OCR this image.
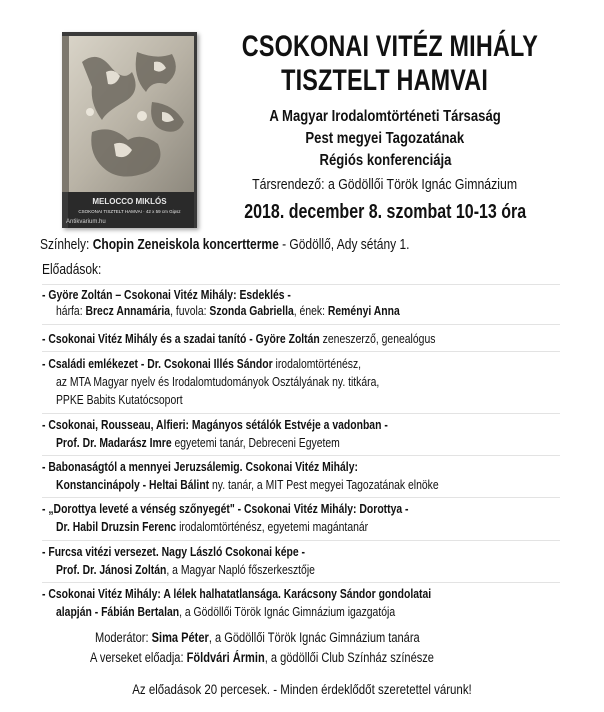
MELOCCO MIKLÓS
CSOKONAI TISZTELT HAMVAI · 42 x 59 cm Gipsz
Antikvarium.hu
CSOKONAI VITÉZ MIHÁLY
TISZTELT HAMVAI
A Magyar Irodalomtörténeti Társaság
Pest megyei Tagozatának
Régiós konferenciája
Társrendező: a Gödöllői Török Ignác Gimnázium
2018. december 8. szombat 10-13 óra
Színhely: Chopin Zeneiskola koncertterme - Gödöllő, Ady sétány 1.
Előadások:
- Györe Zoltán – Csokonai Vitéz Mihály: Esdeklés -
hárfa: Brecz Annamária, fuvola: Szonda Gabriella, ének: Reményi Anna
- Csokonai Vitéz Mihály és a szadai tanító - Györe Zoltán zeneszerző, genealógus
- Családi emlékezet - Dr. Csokonai Illés Sándor irodalomtörténész,
az MTA Magyar nyelv és Irodalomtudományok Osztályának ny. titkára,
PPKE Babits Kutatócsoport
- Csokonai, Rousseau, Alfieri: Magányos sétálók Estvéje a vadonban -
Prof. Dr. Madarász Imre egyetemi tanár, Debreceni Egyetem
- Babonaságtól a mennyei Jeruzsálemig. Csokonai Vitéz Mihály:
Konstancinápoly - Heltai Bálint ny. tanár, a MIT Pest megyei Tagozatának elnöke
- „Dorottya leveté a vénség szőnyegét" - Csokonai Vitéz Mihály: Dorottya -
Dr. Habil Druzsin Ferenc irodalomtörténész, egyetemi magántanár
- Furcsa vitézi versezet. Nagy László Csokonai képe -
Prof. Dr. Jánosi Zoltán, a Magyar Napló főszerkesztője
- Csokonai Vitéz Mihály: A lélek halhatatlansága. Karácsony Sándor gondolatai
alapján - Fábián Bertalan, a Gödöllői Török Ignác Gimnázium igazgatója
Moderátor: Sima Péter, a Gödöllői Török Ignác Gimnázium tanára
A verseket előadja: Földvári Ármin, a gödöllői Club Színház színésze
Az előadások 20 percesek. - Minden érdeklődőt szeretettel várunk!
